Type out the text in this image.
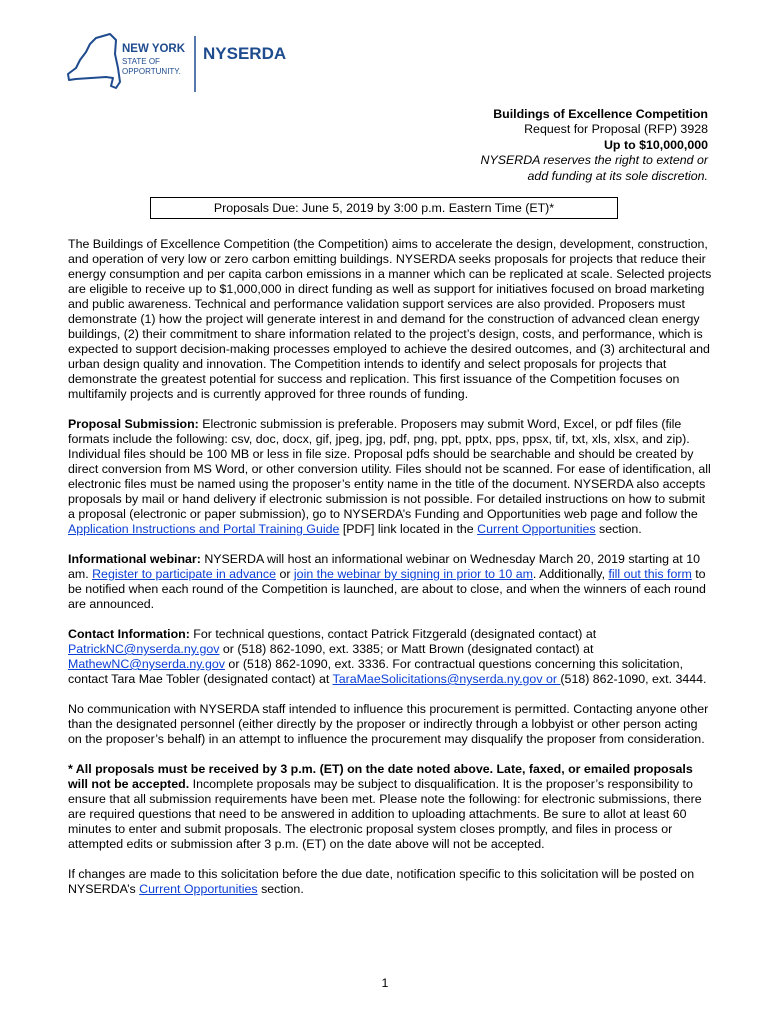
NEW YORK
STATE OF
OPPORTUNITY.
NYSERDA
Buildings of Excellence Competition
Request for Proposal (RFP) 3928
Up to $10,000,000
NYSERDA reserves the right to extend or
add funding at its sole discretion.
Proposals Due: June 5, 2019 by 3:00 p.m. Eastern Time (ET)*

The Buildings of Excellence Competition (the Competition) aims to accelerate the design, development, construction, and operation of very low or zero carbon emitting buildings. NYSERDA seeks proposals for projects that reduce their energy consumption and per capita carbon emissions in a manner which can be replicated at scale. Selected projects are eligible to receive up to $1,000,000 in direct funding as well as support for initiatives focused on broad marketing and public awareness. Technical and performance validation support services are also provided. Proposers must demonstrate (1) how the project will generate interest in and demand for the construction of advanced clean energy buildings, (2) their commitment to share information related to the project’s design, costs, and performance, which is expected to support decision-making processes employed to achieve the desired outcomes, and (3) architectural and urban design quality and innovation. The Competition intends to identify and select proposals for projects that demonstrate the greatest potential for success and replication. This first issuance of the Competition focuses on multifamily projects and is currently approved for three rounds of funding.

Proposal Submission: Electronic submission is preferable. Proposers may submit Word, Excel, or pdf files (file formats include the following: csv, doc, docx, gif, jpeg, jpg, pdf, png, ppt, pptx, pps, ppsx, tif, txt, xls, xlsx, and zip). Individual files should be 100 MB or less in file size. Proposal pdfs should be searchable and should be created by direct conversion from MS Word, or other conversion utility. Files should not be scanned. For ease of identification, all electronic files must be named using the proposer’s entity name in the title of the document. NYSERDA also accepts proposals by mail or hand delivery if electronic submission is not possible. For detailed instructions on how to submit a proposal (electronic or paper submission), go to NYSERDA’s Funding and Opportunities web page and follow the Application Instructions and Portal Training Guide [PDF] link located in the Current Opportunities section.

Informational webinar: NYSERDA will host an informational webinar on Wednesday March 20, 2019 starting at 10 am. Register to participate in advance or join the webinar by signing in prior to 10 am. Additionally, fill out this form to be notified when each round of the Competition is launched, are about to close, and when the winners of each round are announced.

Contact Information: For technical questions, contact Patrick Fitzgerald (designated contact) at PatrickNC@nyserda.ny.gov or (518) 862-1090, ext. 3385; or Matt Brown (designated contact) at MathewNC@nyserda.ny.gov or (518) 862-1090, ext. 3336. For contractual questions concerning this solicitation, contact Tara Mae Tobler (designated contact) at TaraMaeSolicitations@nyserda.ny.gov or (518) 862-1090, ext. 3444.

No communication with NYSERDA staff intended to influence this procurement is permitted. Contacting anyone other than the designated personnel (either directly by the proposer or indirectly through a lobbyist or other person acting on the proposer’s behalf) in an attempt to influence the procurement may disqualify the proposer from consideration.

* All proposals must be received by 3 p.m. (ET) on the date noted above. Late, faxed, or emailed proposals will not be accepted. Incomplete proposals may be subject to disqualification. It is the proposer’s responsibility to ensure that all submission requirements have been met. Please note the following: for electronic submissions, there are required questions that need to be answered in addition to uploading attachments. Be sure to allot at least 60 minutes to enter and submit proposals. The electronic proposal system closes promptly, and files in process or attempted edits or submission after 3 p.m. (ET) on the date above will not be accepted.

If changes are made to this solicitation before the due date, notification specific to this solicitation will be posted on NYSERDA’s Current Opportunities section.

1
